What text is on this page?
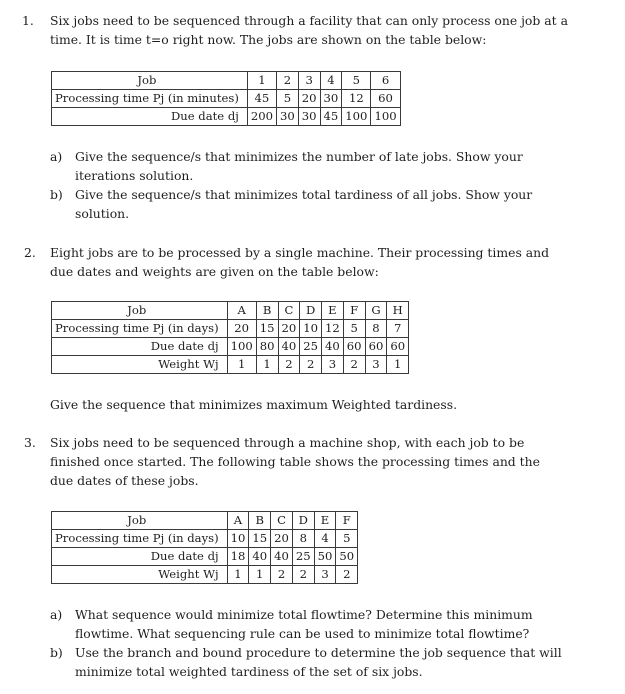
1. Six jobs need to be sequenced through a facility that can only process one job at a
time. It is time t=o right now. The jobs are shown on the table below:
Job	1	2	3	4	5	6
Processing time Pj (in minutes)	45	5	20	30	12	60
Due date dj	200	30	30	45	100	100
a) Give the sequence/s that minimizes the number of late jobs. Show your
iterations solution.
b) Give the sequence/s that minimizes total tardiness of all jobs. Show your
solution.
2. Eight jobs are to be processed by a single machine. Their processing times and
due dates and weights are given on the table below:
Job	A	B	C	D	E	F	G	H
Processing time Pj (in days)	20	15	20	10	12	5	8	7
Due date dj	100	80	40	25	40	60	60	60
Weight Wj	1	1	2	2	3	2	3	1
Give the sequence that minimizes maximum Weighted tardiness.
3. Six jobs need to be sequenced through a machine shop, with each job to be
finished once started. The following table shows the processing times and the
due dates of these jobs.
Job	A	B	C	D	E	F
Processing time Pj (in days)	10	15	20	8	4	5
Due date dj	18	40	40	25	50	50
Weight Wj	1	1	2	2	3	2
a) What sequence would minimize total flowtime? Determine this minimum
flowtime. What sequencing rule can be used to minimize total flowtime?
b) Use the branch and bound procedure to determine the job sequence that will
minimize total weighted tardiness of the set of six jobs.
